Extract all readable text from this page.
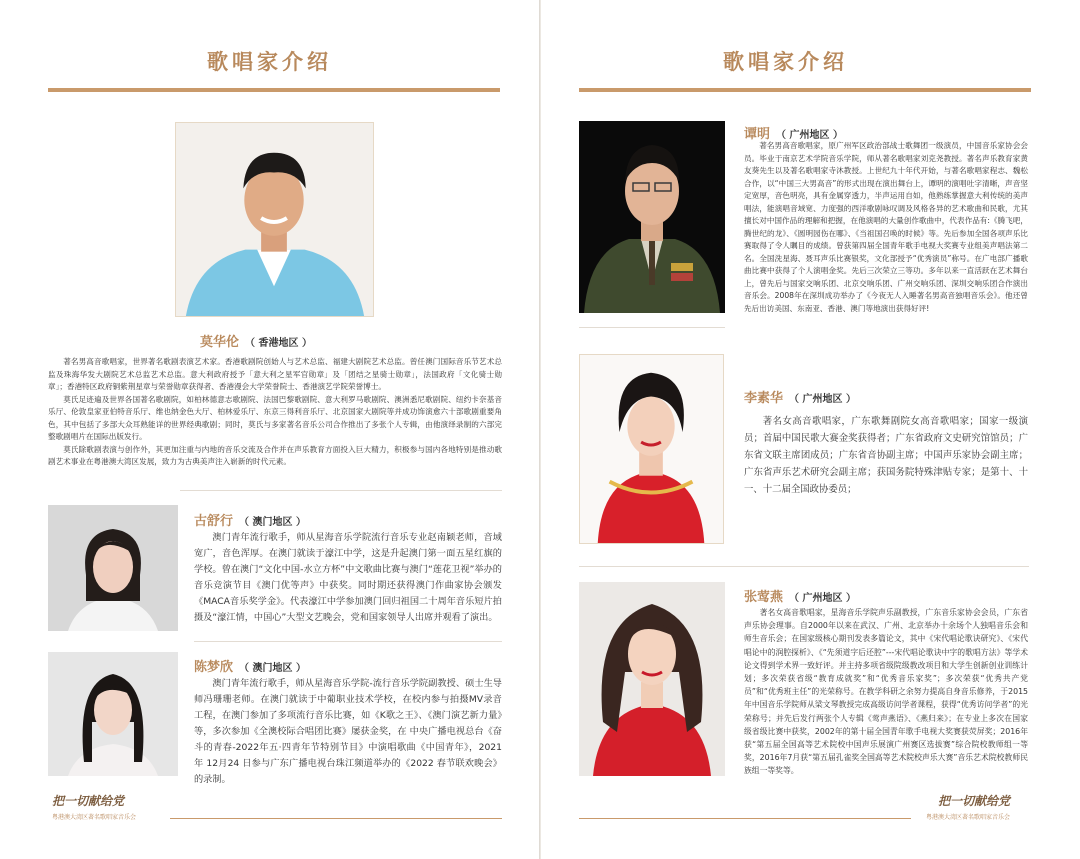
歌唱家介绍
莫华伦 （ 香港地区 ）

著名男高音歌唱家，世界著名歌剧表演艺术家。香港歌剧院创始人与艺术总监、福建大剧院艺术总监。曾任澳门国际音乐节艺术总监及珠海华发大剧院艺术总监艺术总监。意大利政府授予「意大利之星军官勋章」及「团结之星骑士勋章」，法国政府「文化骑士勋章」；香港特区政府铜紫荆星章与荣誉勋章获得者、香港漫会大学荣誉院士、香港演艺学院荣誉博士。

莫氏足迹遍及世界各国著名歌剧院，如柏林德意志歌剧院、法国巴黎歌剧院、意大利罗马歌剧院、澳洲悉尼歌剧院、纽约卡奈基音乐厅、伦敦皇家亚伯特音乐厅、维也纳金色大厅、柏林爱乐厅、东京三得利音乐厅、北京国家大剧院等并成功饰演愈六十部歌剧重要角色，其中包括了多部大众耳熟能详的世界经典歌剧；同时，莫氏与多家著名音乐公司合作推出了多张个人专辑，由他演绎录制的六部完整歌剧唱片在国际出版发行。

莫氏除歌剧表演与创作外，其更加注重与内地的音乐交流及合作并在声乐教育方面投入巨大精力，积极参与国内各地特别是推动歌剧艺术事业在粤港澳大湾区发展，致力为古典美声注入崭新的时代元素。

古舒行 （ 澳门地区 ）

澳门青年流行歌手，师从星海音乐学院流行音乐专业赵南颖老师，音域宽广，音色浑厚。在澳门就读于濠江中学，这是升起澳门第一面五星红旗的学校。曾在澳门“文化中国-水立方杯”中文歌曲比赛与澳门“莲花卫视”举办的音乐竞演节目《澳门优等声》中获奖。同时期还获得澳门作曲家协会颁发《MACA音乐奖学金》。代表濠江中学参加澳门回归祖国二十周年音乐短片拍摄及“濠江情，中国心”大型文艺晚会，党和国家领导人出席并观看了演出。

陈梦欣 （ 澳门地区 ）

澳门青年流行歌手，师从星海音乐学院-流行音乐学院副教授、硕士生导师冯珊珊老师。在澳门就读于中葡职业技术学校，在校内参与拍摄MV录音工程，在澳门参加了多项流行音乐比赛，如《K歌之王》、《澳门演艺新力量》等，多次参加《全澳校际合唱团比赛》屡获金奖，在 中央广播电视总台《奋斗的青春-2022年五·四青年节特别节目》中演唱歌曲《中国青年》，2021 年 12月24 日参与广东广播电视台珠江频道举办的《2022 春节联欢晚会》的录制。

把一切献给党
粤港澳大湾区著名歌唱家音乐会
歌唱家介绍
谭明 （ 广州地区 ）

著名男高音歌唱家，原广州军区政治部战士歌舞团一级演员，中国音乐家协会会员。毕业于南京艺术学院音乐学院，师从著名歌唱家刘克尧教授。著名声乐教育家黄友葵先生以及著名歌唱家寺沐教授。上世纪九十年代开始，与著名歌唱家程志、魏松合作，以“中国三大男高音”的形式出现在演出舞台上，谭明的演唱吐字清晰，声音坚定宽厚，音色明亮，具有金属穿透力，半声运用自如，他熟练掌握意大利传统的美声唱法，能演唱音域宽、力度强的西洋歌剧咏叹调及风格各异的艺术歌曲和民歌，尤其擅长对中国作品的理解和把握，在他演唱的大量创作歌曲中，代表作品有:《腾飞吧，腾世纪的龙》、《圆明园伤在哪》、《当祖国召唤的时候》等。先后参加全国各项声乐比赛取得了令人瞩目的成绩。曾获第四届全国青年歌手电视大奖赛专业组美声唱法第二名。全国洗星海、聂耳声乐比赛银奖，文化部授予“优秀演员”称号。在广电部广播歌曲比赛中获得了个人演唱金奖。先后三次荣立三等功。多年以来一直活跃在艺术舞台上，曾先后与国家交响乐团、北京交响乐团、广州交响乐团、深圳交响乐团合作演出音乐会。2008年在深圳成功举办了《今夜无人入睡著名男高音独唱音乐会》。他还曾先后出访美国、东南亚、香港、澳门等地演出获得好评!

李素华 （ 广州地区 ）

著名女高音歌唱家，广东歌舞剧院女高音歌唱家；国家一级演员；首届中国民歌大赛金奖获得者；广东省政府文史研究馆馆员；广东省文联主席团成员；广东省音协副主席；中国声乐家协会副主席；广东省声乐艺术研究会副主席；获国务院特殊津贴专家；是第十、十一、十二届全国政协委员；

张莺燕 （ 广州地区 ）

著名女高音歌唱家，星海音乐学院声乐副教授，广东音乐家协会会员，广东省声乐协会理事。自2000年以来在武汉、广州、北京举办十余场个人独唱音乐会和师生音乐会；在国家级核心期刊发表多篇论文，其中《宋代唱论歌诀研究》、《宋代唱论中的润腔探析》、《“先须道字后还腔”---宋代唱论歌诀中字的歌唱方法》等学术论文得到学术界一致好评。并主持多项省级院级教改项目和大学生创新创业训练计划；多次荣获省级“教育成就奖”和“优秀音乐家奖”；多次荣获“优秀共产党员”和“优秀班主任”的光荣称号。在教学科研之余努力提高自身音乐修养，于2015年中国音乐学院师从梁文琴教授完成高级访问学者课程，获得“优秀访问学者”的光荣称号；并先后发行两张个人专辑《莺声燕语》、《燕归来》；在专业上多次在国家级省级比赛中获奖，2002年的第十届全国青年歌手电视大奖赛获荧屏奖；2016年获“第五届全国高等艺术院校中国声乐展演广州赛区选拔赛”综合院校教师组一等奖，2016年7月获“第五届孔雀奖全国高等艺术院校声乐大赛”音乐艺术院校教师民族组一等奖等。

把一切献给党
粤港澳大湾区著名歌唱家音乐会
